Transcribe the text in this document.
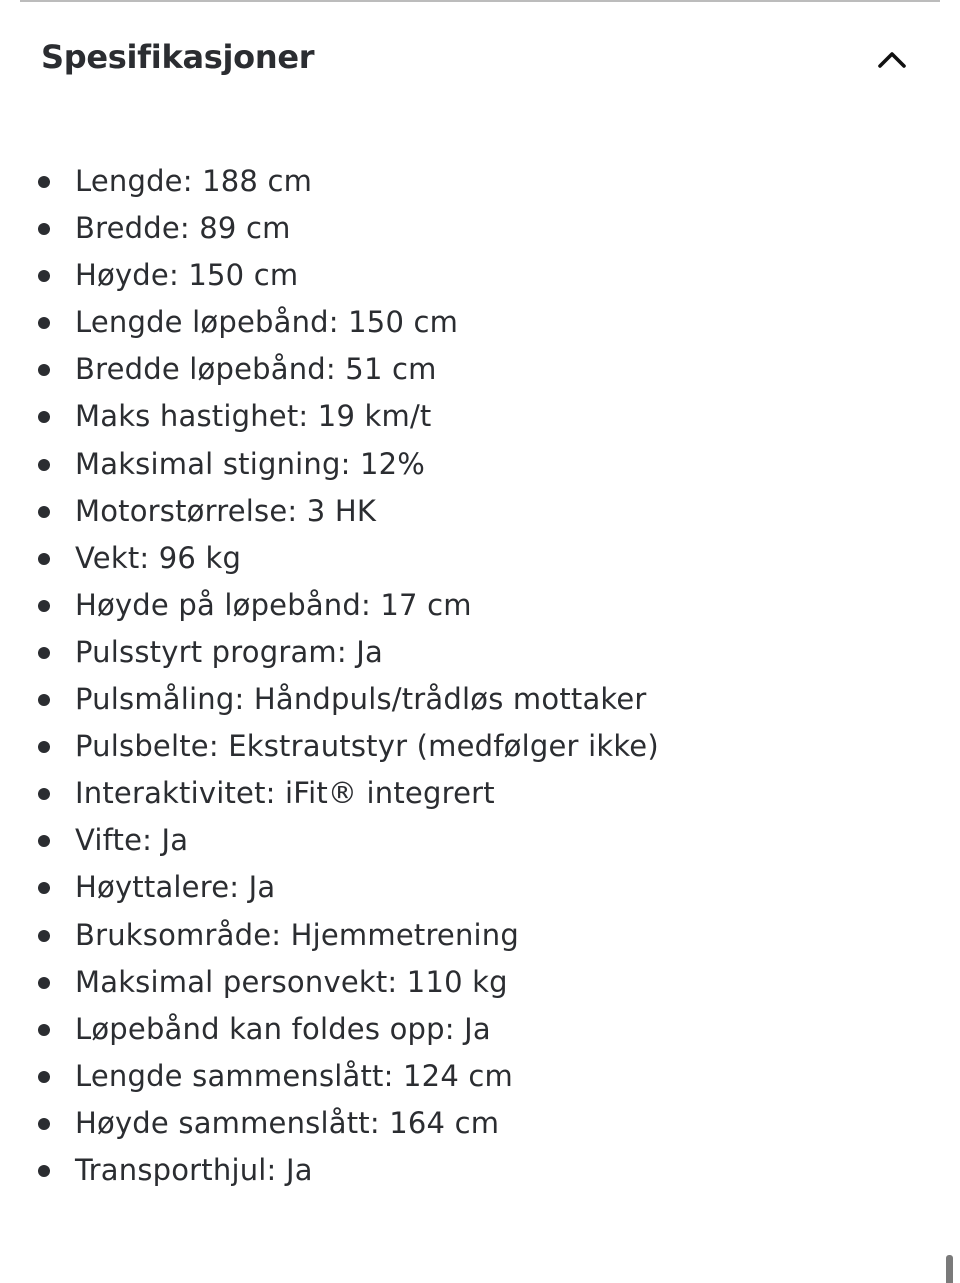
Spesifikasjoner
Lengde: 188 cm
Bredde: 89 cm
Høyde: 150 cm
Lengde løpebånd: 150 cm
Bredde løpebånd: 51 cm
Maks hastighet: 19 km/t
Maksimal stigning: 12%
Motorstørrelse: 3 HK
Vekt: 96 kg
Høyde på løpebånd: 17 cm
Pulsstyrt program: Ja
Pulsmåling: Håndpuls/trådløs mottaker
Pulsbelte: Ekstrautstyr (medfølger ikke)
Interaktivitet: iFit® integrert
Vifte: Ja
Høyttalere: Ja
Bruksområde: Hjemmetrening
Maksimal personvekt: 110 kg
Løpebånd kan foldes opp: Ja
Lengde sammenslått: 124 cm
Høyde sammenslått: 164 cm
Transporthjul: Ja
